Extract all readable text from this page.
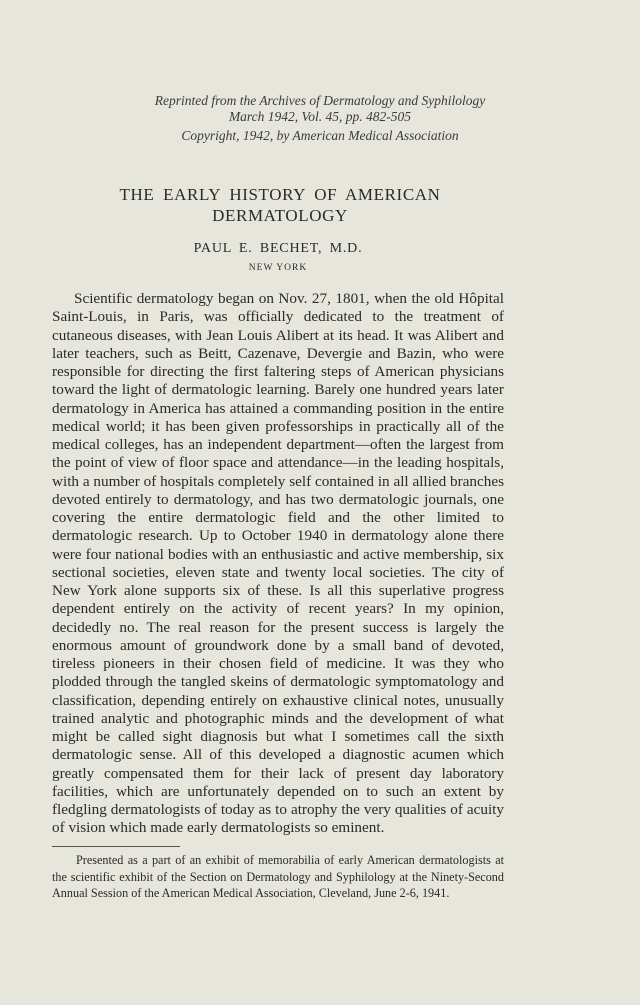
Reprinted from the Archives of Dermatology and Syphilology
March 1942, Vol. 45, pp. 482-505
Copyright, 1942, by American Medical Association
THE EARLY HISTORY OF AMERICAN
DERMATOLOGY
PAUL E. BECHET, M.D.
NEW YORK

Scientific dermatology began on Nov. 27, 1801, when the old Hôpital Saint-Louis, in Paris, was officially dedicated to the treatment of cutaneous diseases, with Jean Louis Alibert at its head. It was Alibert and later teachers, such as Beitt, Cazenave, Devergie and Bazin, who were responsible for directing the first faltering steps of American physicians toward the light of dermatologic learning. Barely one hundred years later dermatology in America has attained a commanding position in the entire medical world; it has been given professorships in practically all of the medical colleges, has an independent department—often the largest from the point of view of floor space and attendance—in the leading hospitals, with a number of hospitals completely self contained in all allied branches devoted entirely to dermatology, and has two dermatologic journals, one covering the entire dermatologic field and the other limited to dermatologic research. Up to October 1940 in dermatology alone there were four national bodies with an enthusiastic and active membership, six sectional societies, eleven state and twenty local societies. The city of New York alone supports six of these. Is all this superlative progress dependent entirely on the activity of recent years? In my opinion, decidedly no. The real reason for the present success is largely the enormous amount of groundwork done by a small band of devoted, tireless pioneers in their chosen field of medicine. It was they who plodded through the tangled skeins of dermatologic symptomatology and classification, depending entirely on exhaustive clinical notes, unusually trained analytic and photographic minds and the development of what might be called sight diagnosis but what I sometimes call the sixth dermatologic sense. All of this developed a diagnostic acumen which greatly compensated them for their lack of present day laboratory facilities, which are unfortunately depended on to such an extent by fledgling dermatologists of today as to atrophy the very qualities of acuity of vision which made early dermatologists so eminent.

Presented as a part of an exhibit of memorabilia of early American dermatologists at the scientific exhibit of the Section on Dermatology and Syphilology at the Ninety-Second Annual Session of the American Medical Association, Cleveland, June 2-6, 1941.
